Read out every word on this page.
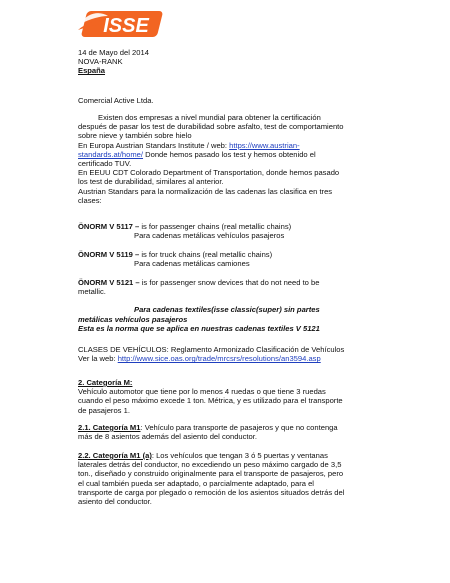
ISSE
14 de Mayo del 2014
NOVA-RANK
España
Comercial Active Ltda.
Existen dos empresas a nivel mundial para obtener la certificación
después de pasar los test de durabilidad sobre asfalto, test de comportamiento
sobre nieve y también sobre hielo
En Europa Austrian Standars Institute / web: https://www.austrian-
standards.at/home/ Donde hemos pasado los test y hemos obtenido el
certificado TUV.
En EEUU CDT Colorado Department of Transportation, donde hemos pasado
los test de durabilidad, similares al anterior.
Austrian Standars para la normalización de las cadenas las clasifica en tres
clases:
ÖNORM V 5117 – is for passenger chains (real metallic chains)
Para cadenas metálicas vehículos pasajeros
ÖNORM V 5119 – is for truck chains (real metallic chains)
Para cadenas metálicas camiones
ÖNORM V 5121 – is for passenger snow devices that do not need to be
metallic.
Para cadenas textiles(isse classic(super) sin partes
metálicas vehículos pasajeros
Esta es la norma que se aplica en nuestras cadenas textiles V 5121
CLASES DE VEHÍCULOS: Reglamento Armonizado Clasificación de Vehículos
Ver la web: http://www.sice.oas.org/trade/mrcsrs/resolutions/an3594.asp
2. Categoría M:
Vehículo automotor que tiene por lo menos 4 ruedas o que tiene 3 ruedas
cuando el peso máximo excede 1 ton. Métrica, y es utilizado para el transporte
de pasajeros 1.
2.1. Categoría M1: Vehículo para transporte de pasajeros y que no contenga
más de 8 asientos además del asiento del conductor.
2.2. Categoría M1 (a): Los vehículos que tengan 3 ó 5 puertas y ventanas
laterales detrás del conductor, no excediendo un peso máximo cargado de 3,5
ton., diseñado y construido originalmente para el transporte de pasajeros, pero
el cual también pueda ser adaptado, o parcialmente adaptado, para el
transporte de carga por plegado o remoción de los asientos situados detrás del
asiento del conductor.
